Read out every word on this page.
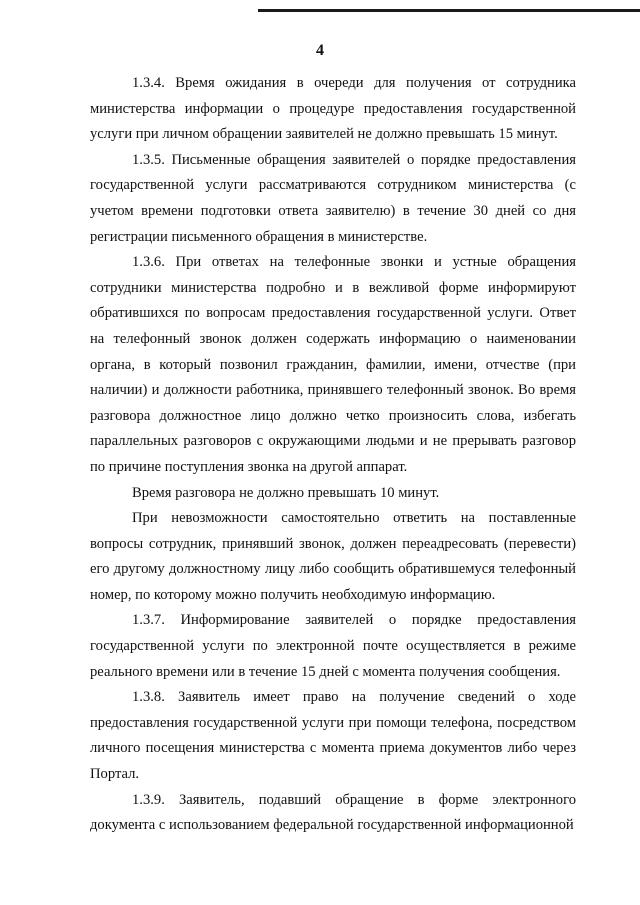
4

1.3.4. Время ожидания в очереди для получения от сотрудника министерства информации о процедуре предоставления государственной услуги при личном обращении заявителей не должно превышать 15 минут.

1.3.5. Письменные обращения заявителей о порядке предоставления государственной услуги рассматриваются сотрудником министерства (с учетом времени подготовки ответа заявителю) в течение 30 дней со дня регистрации письменного обращения в министерстве.

1.3.6. При ответах на телефонные звонки и устные обращения сотрудники министерства подробно и в вежливой форме информируют обратившихся по вопросам предоставления государственной услуги. Ответ на телефонный звонок должен содержать информацию о наименовании органа, в который позвонил гражданин, фамилии, имени, отчестве (при наличии) и должности работника, принявшего телефонный звонок. Во время разговора должностное лицо должно четко произносить слова, избегать параллельных разговоров с окружающими людьми и не прерывать разговор по причине поступления звонка на другой аппарат.

Время разговора не должно превышать 10 минут.

При невозможности самостоятельно ответить на поставленные вопросы сотрудник, принявший звонок, должен переадресовать (перевести) его другому должностному лицу либо сообщить обратившемуся телефонный номер, по которому можно получить необходимую информацию.

1.3.7. Информирование заявителей о порядке предоставления государственной услуги по электронной почте осуществляется в режиме реального времени или в течение 15 дней с момента получения сообщения.

1.3.8. Заявитель имеет право на получение сведений о ходе предоставления государственной услуги при помощи телефона, посредством личного посещения министерства с момента приема документов либо через Портал.

1.3.9. Заявитель, подавший обращение в форме электронного документа с использованием федеральной государственной информационной
